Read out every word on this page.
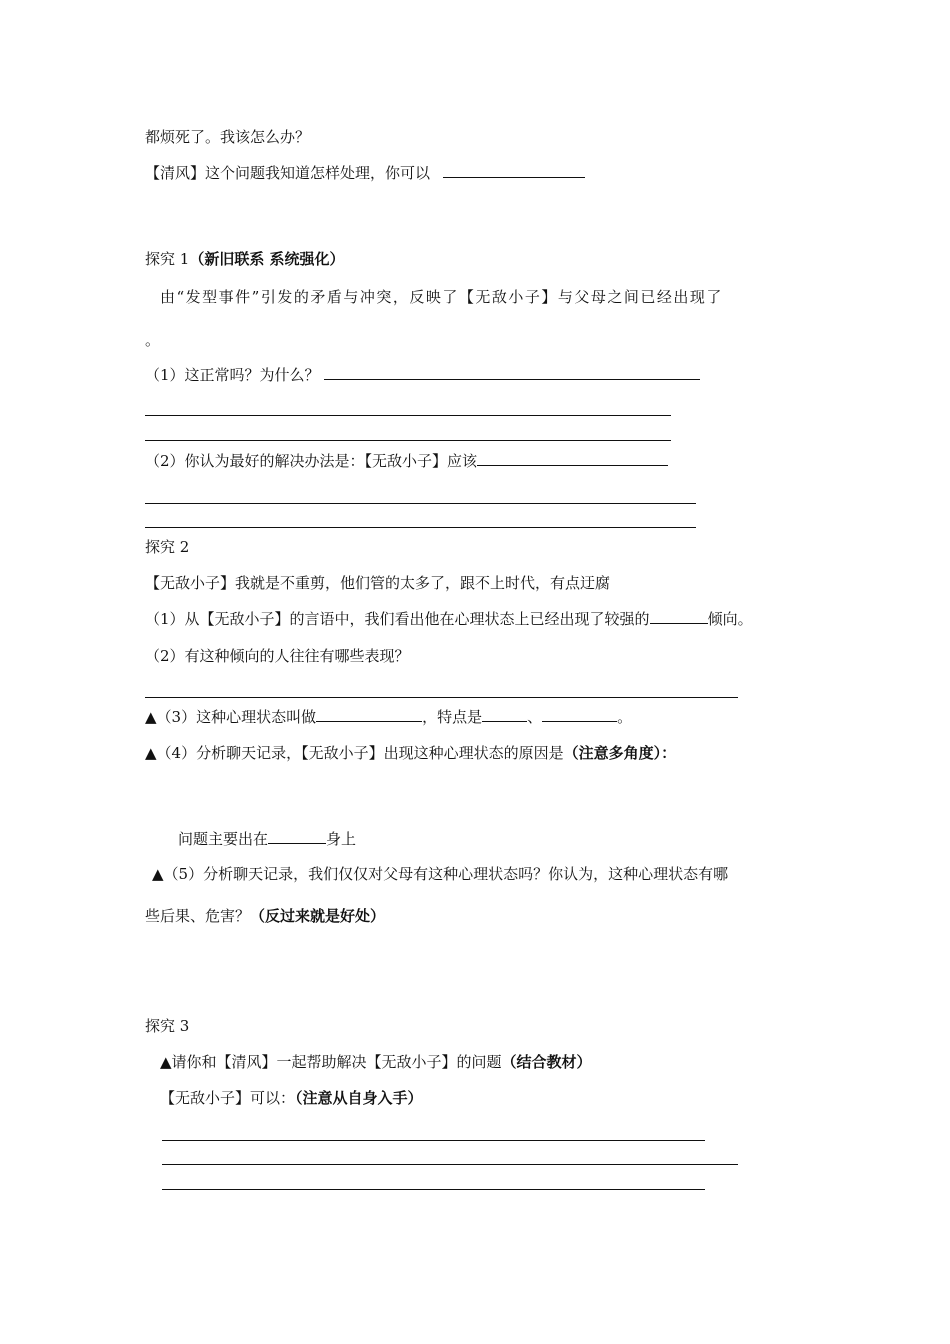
都烦死了。我该怎么办？
【清风】这个问题我知道怎样处理，你可以
探究 1（新旧联系 系统强化）
由“发型事件”引发的矛盾与冲突，反映了【无敌小子】与父母之间已经出现了
。
（1）这正常吗？为什么？
（2）你认为最好的解决办法是：【无敌小子】应该
探究 2
【无敌小子】我就是不重剪，他们管的太多了，跟不上时代，有点迂腐
（1）从【无敌小子】的言语中，我们看出他在心理状态上已经出现了较强的	倾向。
（2）有这种倾向的人往往有哪些表现？
▲（3）这种心理状态叫做	，特点是	、	。
▲（4）分析聊天记录，【无敌小子】出现这种心理状态的原因是（注意多角度）：
问题主要出在	身上
▲（5）分析聊天记录，我们仅仅对父母有这种心理状态吗？你认为，这种心理状态有哪
些后果、危害？（反过来就是好处）
探究 3
▲请你和【清风】一起帮助解决【无敌小子】的问题（结合教材）
【无敌小子】可以：（注意从自身入手）
